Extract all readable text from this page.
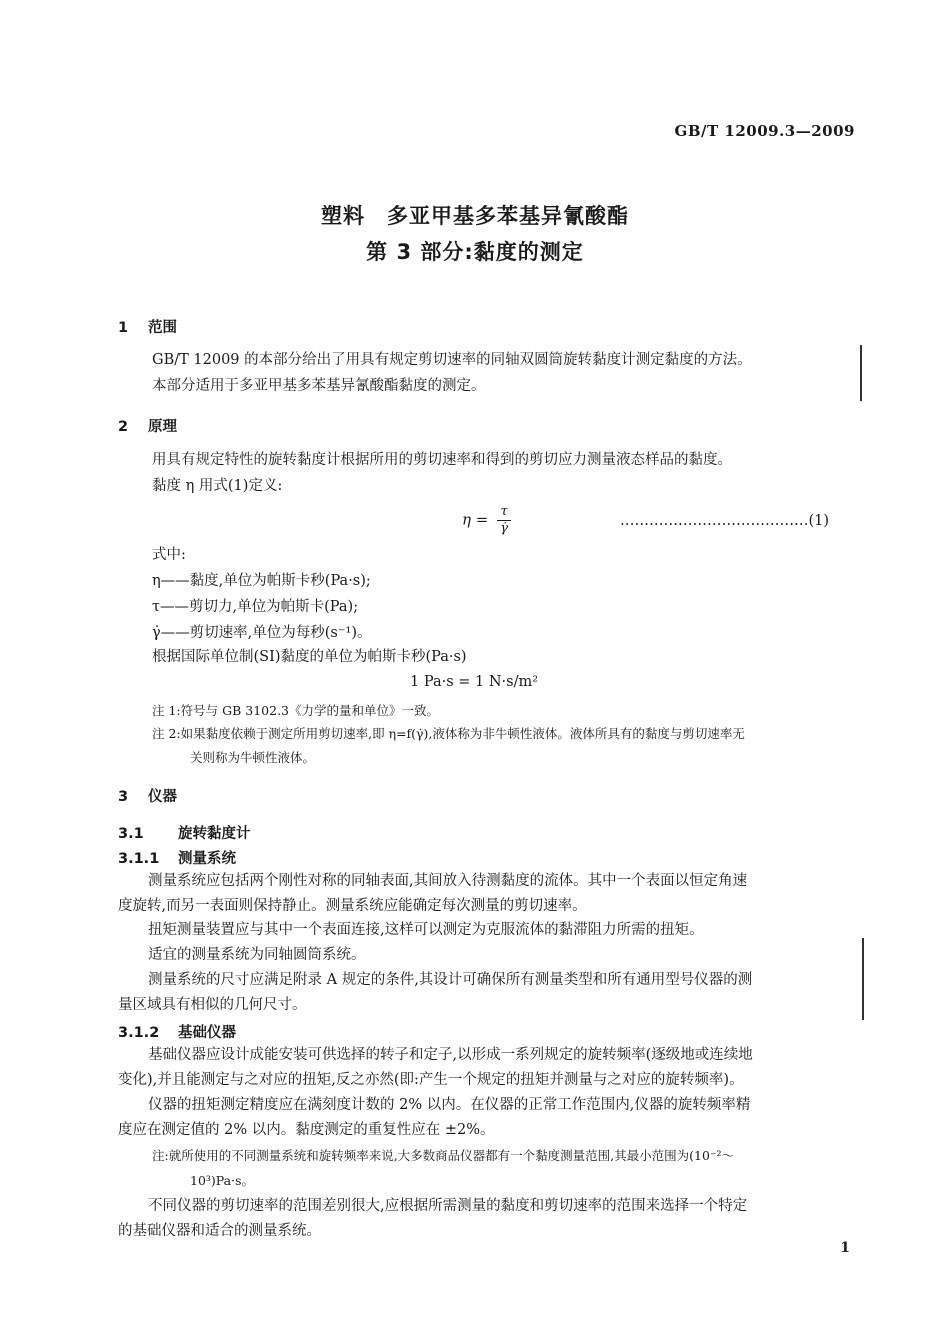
GB/T 12009.3—2009
塑料　多亚甲基多苯基异氰酸酯
第 3 部分:黏度的测定
1 范围
GB/T 12009 的本部分给出了用具有规定剪切速率的同轴双圆筒旋转黏度计测定黏度的方法。
本部分适用于多亚甲基多苯基异氰酸酯黏度的测定。
2 原理
用具有规定特性的旋转黏度计根据所用的剪切速率和得到的剪切应力测量液态样品的黏度。
黏度 η 用式(1)定义:
$\eta = \frac{\tau}{\gammȧ}$	…………………………………(1)
式中:
η——黏度,单位为帕斯卡秒(Pa·s);
τ——剪切力,单位为帕斯卡(Pa);
γ̇——剪切速率,单位为每秒(s⁻¹)。
根据国际单位制(SI)黏度的单位为帕斯卡秒(Pa·s)
1 Pa·s = 1 N·s/m²
注 1:符号与 GB 3102.3《力学的量和单位》一致。
注 2:如果黏度依赖于测定所用剪切速率,即 η=f(γ̇),液体称为非牛顿性液体。液体所具有的黏度与剪切速率无
关则称为牛顿性液体。
3 仪器
3.1 旋转黏度计
3.1.1 测量系统
测量系统应包括两个刚性对称的同轴表面,其间放入待测黏度的流体。其中一个表面以恒定角速
度旋转,而另一表面则保持静止。测量系统应能确定每次测量的剪切速率。
扭矩测量装置应与其中一个表面连接,这样可以测定为克服流体的黏滞阻力所需的扭矩。
适宜的测量系统为同轴圆筒系统。
测量系统的尺寸应满足附录 A 规定的条件,其设计可确保所有测量类型和所有通用型号仪器的测
量区域具有相似的几何尺寸。
3.1.2 基础仪器
基础仪器应设计成能安装可供选择的转子和定子,以形成一系列规定的旋转频率(逐级地或连续地
变化),并且能测定与之对应的扭矩,反之亦然(即:产生一个规定的扭矩并测量与之对应的旋转频率)。
仪器的扭矩测定精度应在满刻度计数的 2% 以内。在仪器的正常工作范围内,仪器的旋转频率精
度应在测定值的 2% 以内。黏度测定的重复性应在 ±2%。
注:就所使用的不同测量系统和旋转频率来说,大多数商品仪器都有一个黏度测量范围,其最小范围为(10⁻²～
10³)Pa·s。
不同仪器的剪切速率的范围差别很大,应根据所需测量的黏度和剪切速率的范围来选择一个特定
的基础仪器和适合的测量系统。
1
